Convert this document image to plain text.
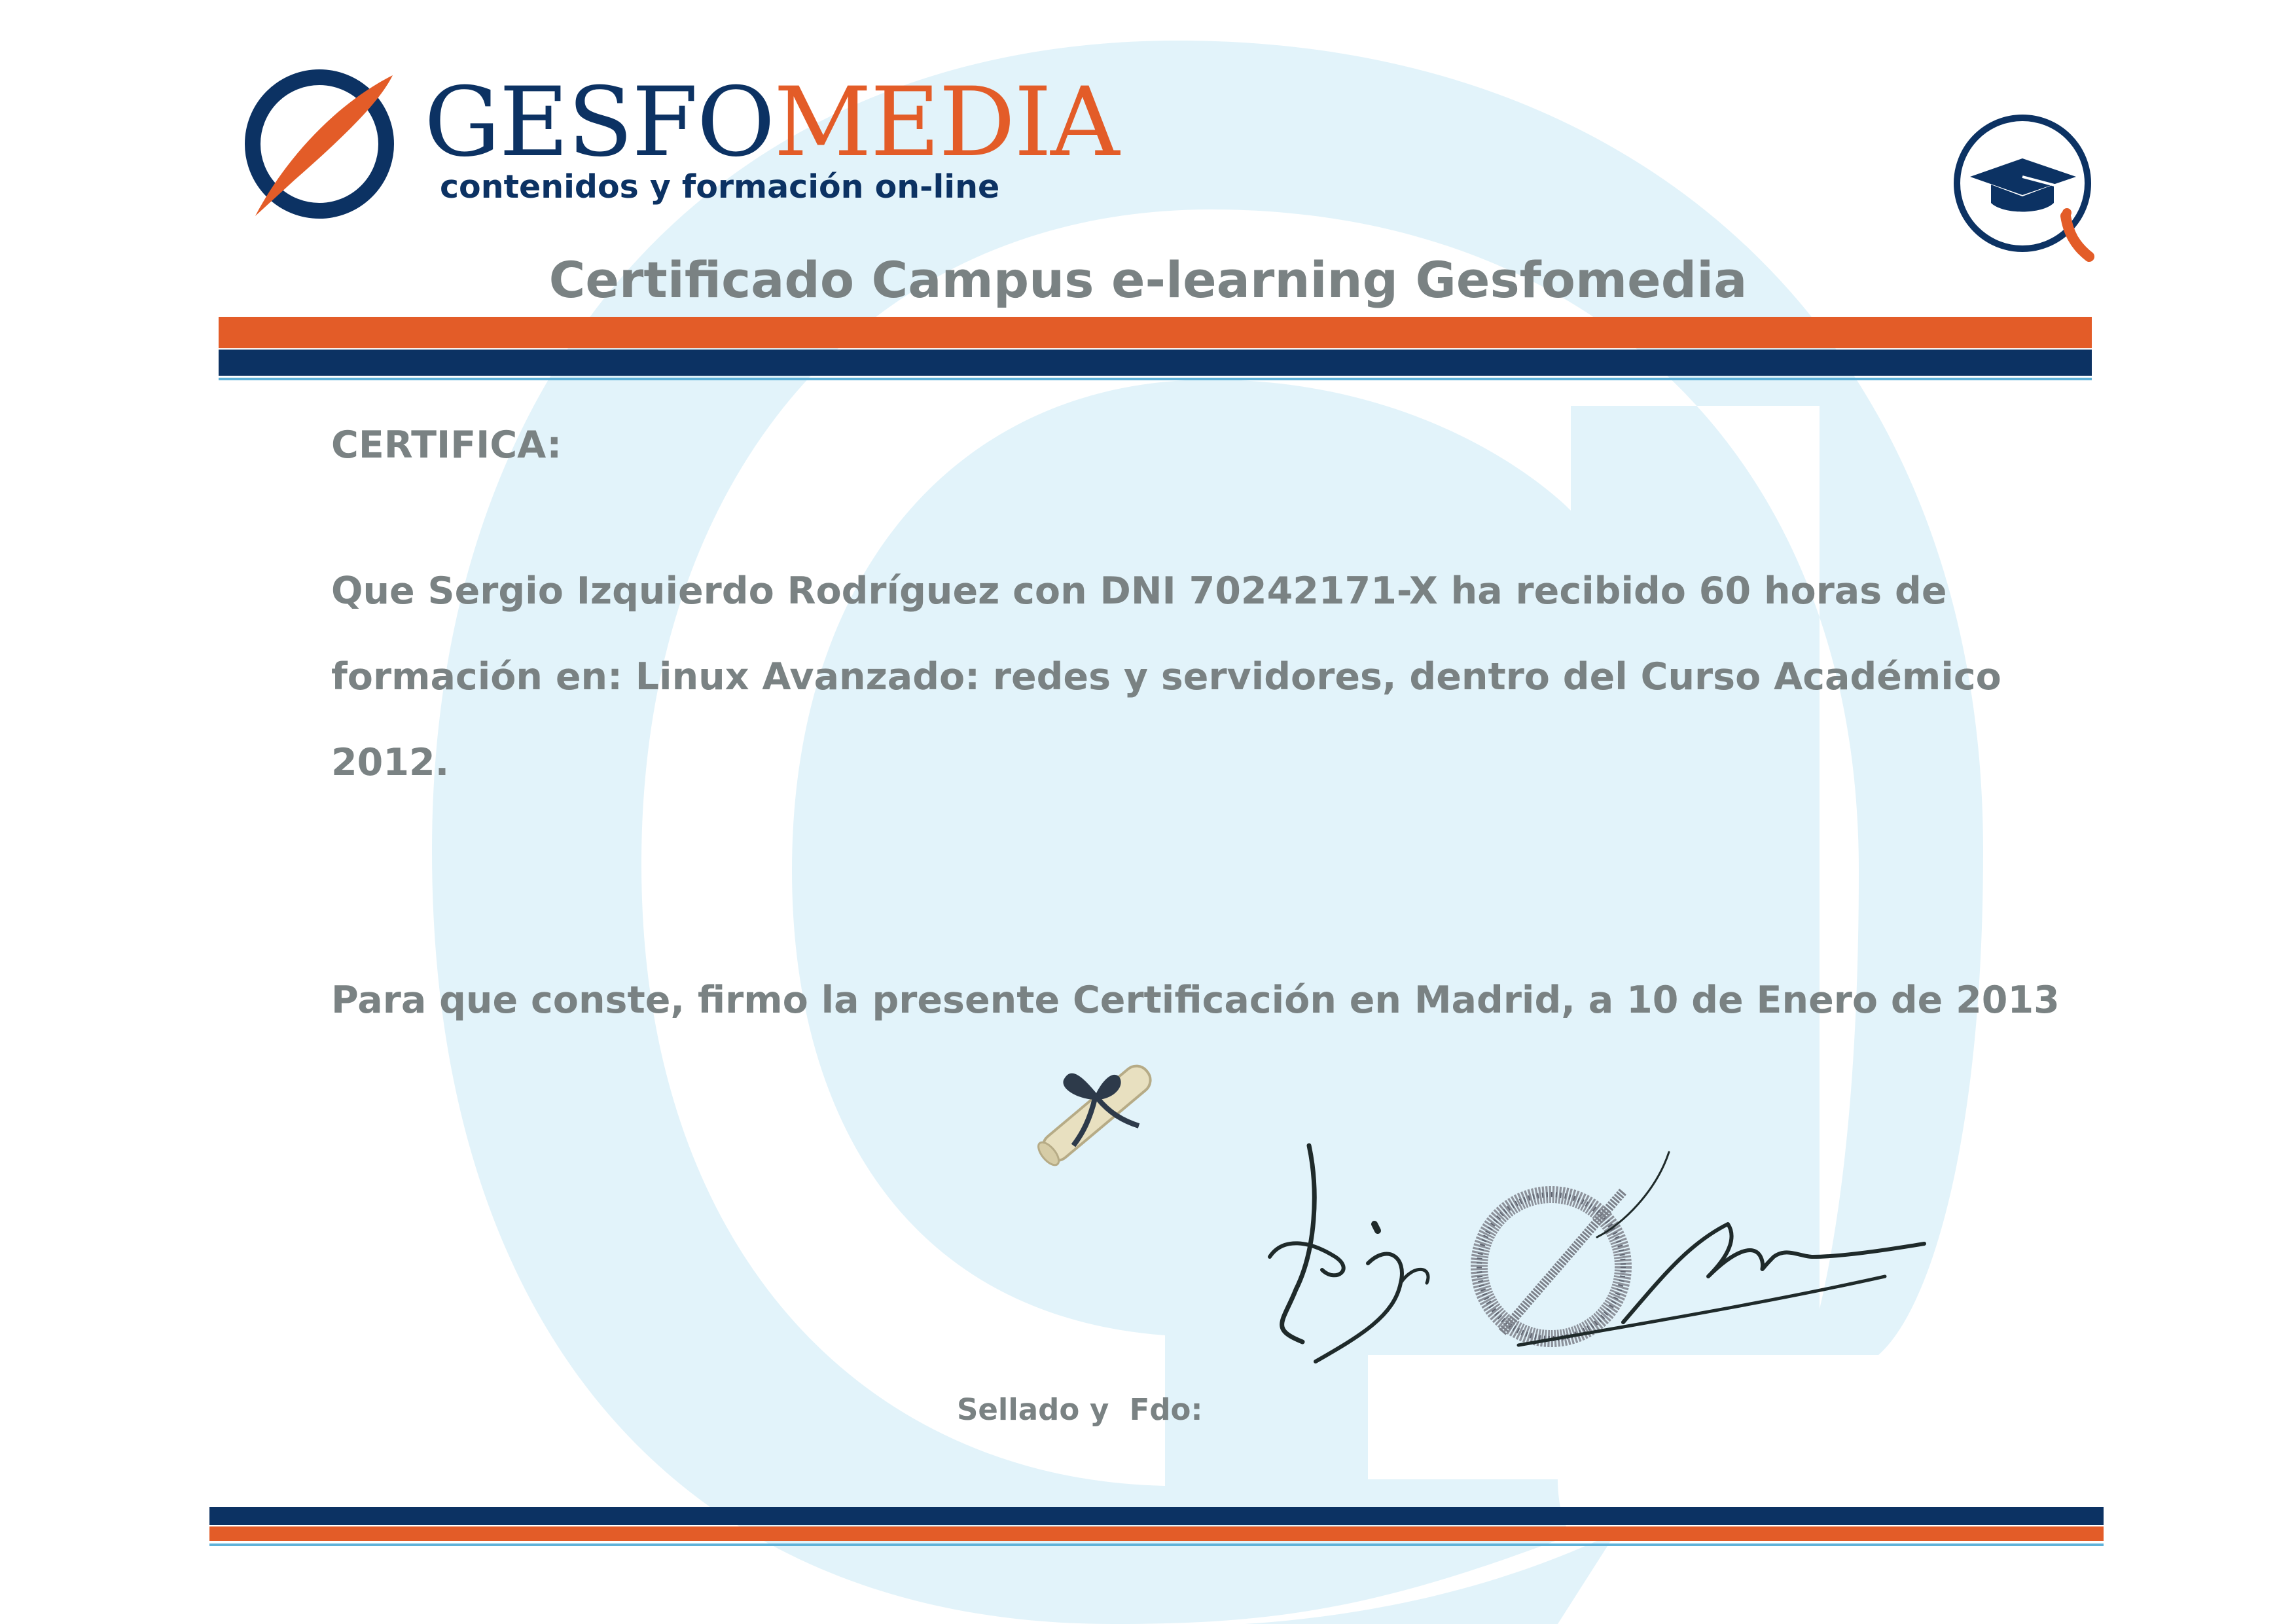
GESFOMEDIA
contenidos y formación on-line
Certificado Campus e-learning Gesfomedia
CERTIFICA:
Que Sergio Izquierdo Rodríguez con DNI 70242171-X ha recibido 60 horas de formación en: Linux Avanzado: redes y servidores, dentro del Curso Académico 2012.
Para que conste, firmo la presente Certificación en Madrid, a 10 de Enero de 2013
Sellado y  Fdo:
